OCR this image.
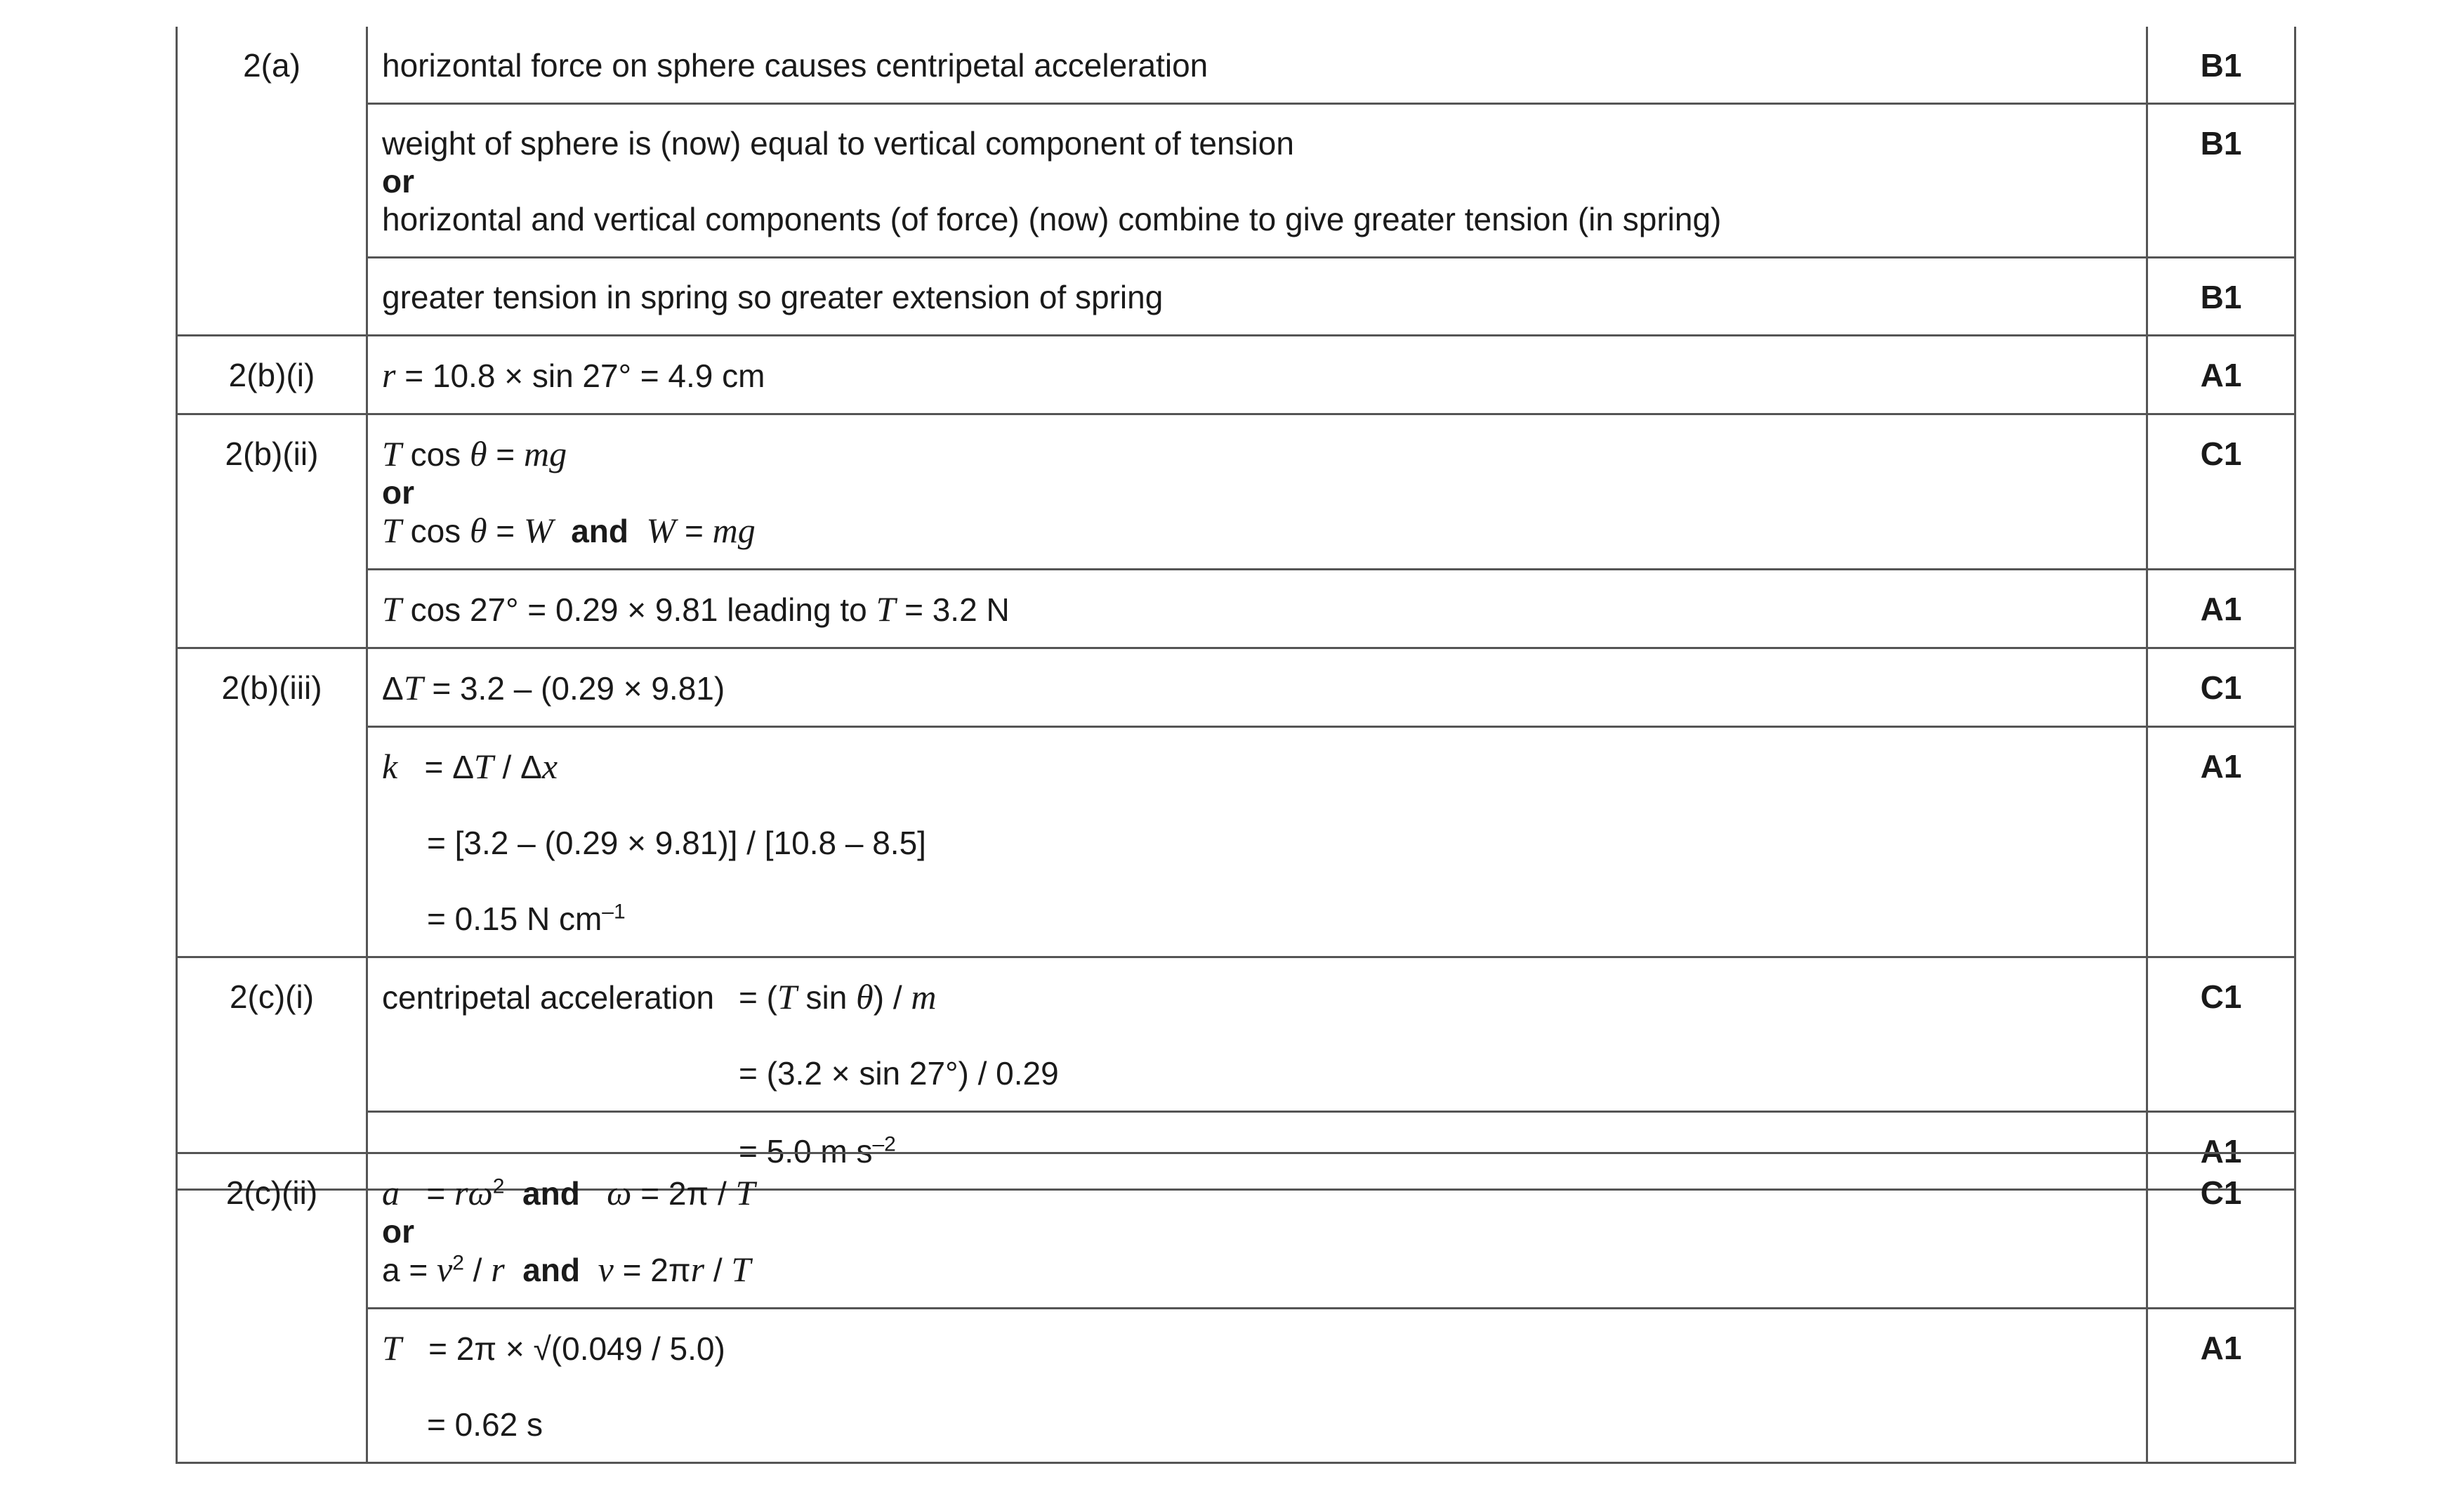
2(a)	horizontal force on sphere causes centripetal acceleration	B1

	weight of sphere is (now) equal to vertical component of tension
or
horizontal and vertical components (of force) (now) combine to give greater tension (in spring)	B1
	greater tension in spring so greater extension of spring	B1
2(b)(i)	r = 10.8 × sin 27° = 4.9 cm	A1
2(b)(ii)	T cos θ = mg
or
T cos θ = W and W = mg	C1
	T cos 27° = 0.29 × 9.81 leading to T = 3.2 N	A1
2(b)(iii)	ΔT = 3.2 – (0.29 × 9.81)	C1

	k = ΔT / Δx
= [3.2 – (0.29 × 9.81)] / [10.8 – 8.5]
= 0.15 N $cm^{-1}$	A1
2(c)(i)	centripetal acceleration = (T sin θ) / m
= (3.2 × sin 27°) / 0.29	C1
	= 5.0 m $s^{-2}$	A1
2(c)(ii)	$a = r\omega^2$ and ω = 2π / T
or
$a = v^2 / r$ and v = 2πr / T	C1

	T = 2π × √(0.049 / 5.0)
= 0.62 s	A1
